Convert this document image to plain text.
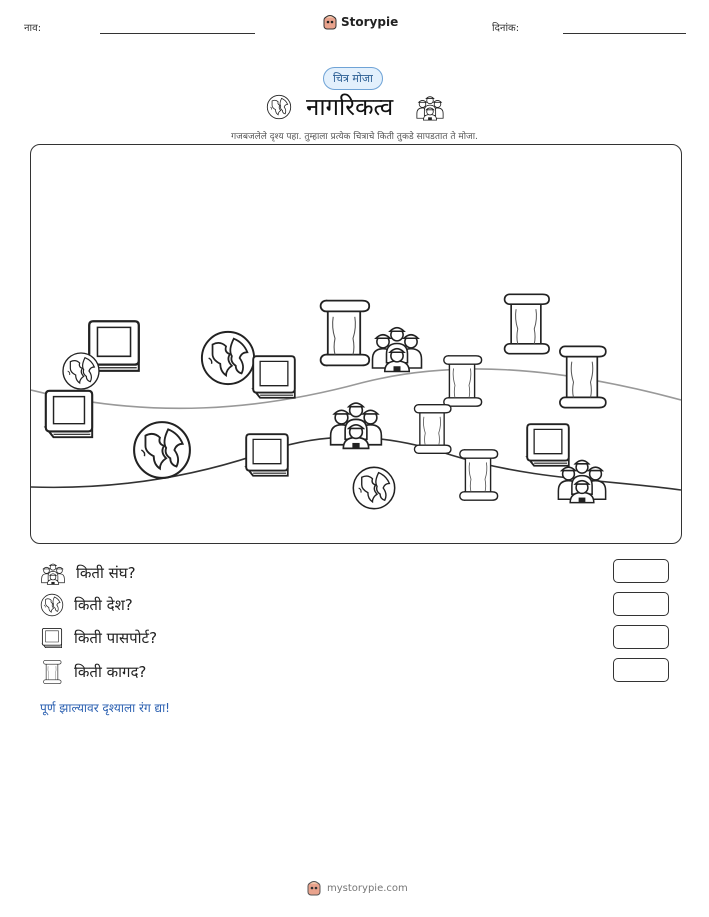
नाव:	Storypie	दिनांक:
चित्र मोजा
नागरिकत्व
गजबजलेले दृश्य पहा. तुम्हाला प्रत्येक चित्राचे किती तुकडे सापडतात ते मोजा.
किती संघ?
किती देश?
किती पासपोर्ट?
किती कागद?
पूर्ण झाल्यावर दृश्याला रंग द्या!
mystorypie.com
